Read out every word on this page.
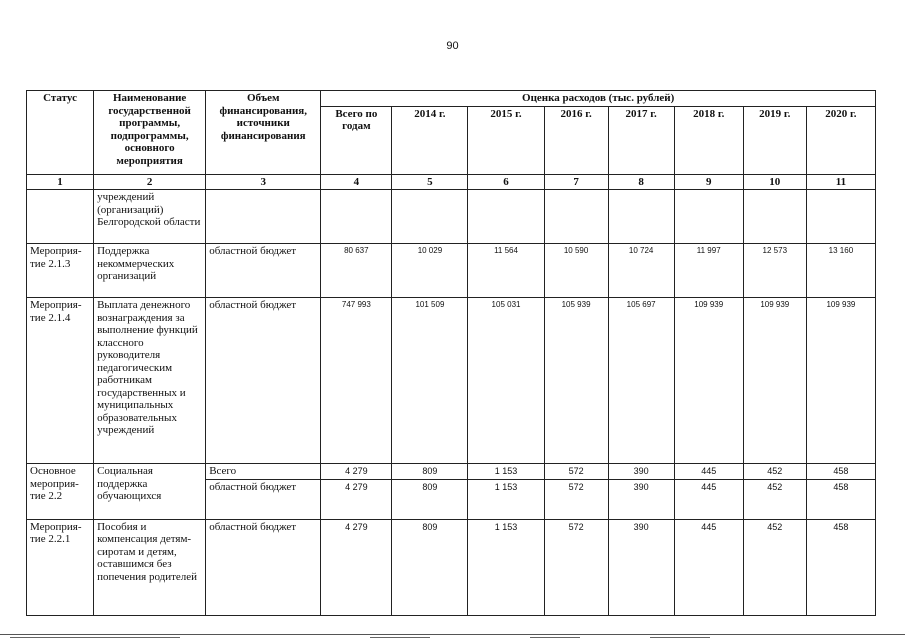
90
Статус	Наименование государственной программы, подпрограммы, основного мероприятия	Объем финансирования, источники финансирования	Оценка расходов (тыс. рублей)							
			Всего по годам	2014 г.	2015 г.	2016 г.	2017 г.	2018 г.	2019 г.	2020 г.
1	2	3	4	5	6	7	8	9	10	11
	учреждений (организаций) Белгородской области									
Мероприя-тие 2.1.3	Поддержка некоммерческих организаций	областной бюджет	80 637	10 029	11 564	10 590	10 724	11 997	12 573	13 160
Мероприя-тие 2.1.4	Выплата денежного вознаграждения за выполнение функций классного руководителя педагогическим работникам государственных и муниципальных образовательных учреждений	областной бюджет	747 993	101 509	105 031	105 939	105 697	109 939	109 939	109 939
Основное мероприя-тие 2.2	Социальная поддержка обучающихся	Всего	4 279	809	1 153	572	390	445	452	458
		областной бюджет	4 279	809	1 153	572	390	445	452	458
Мероприя-тие 2.2.1	Пособия и компенсация детям-сиротам и детям, оставшимся без попечения родителей	областной бюджет	4 279	809	1 153	572	390	445	452	458
